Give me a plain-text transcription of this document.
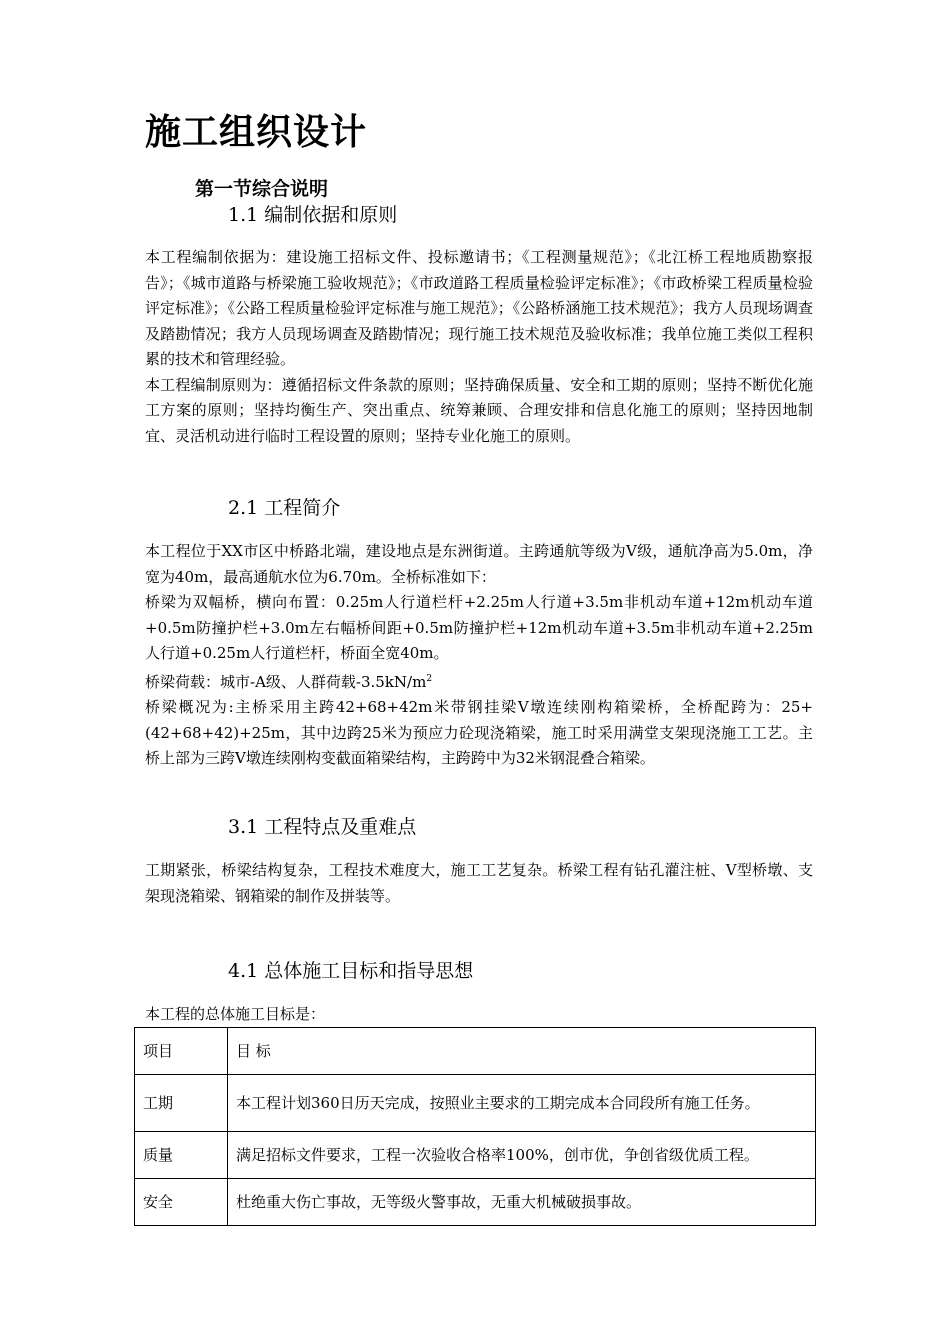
施工组织设计
第一节综合说明
1.1 编制依据和原则

本工程编制依据为：建设施工招标文件、投标邀请书；《工程测量规范》；《北江桥工程地质勘察报告》；《城市道路与桥梁施工验收规范》；《市政道路工程质量检验评定标准》；《市政桥梁工程质量检验评定标准》；《公路工程质量检验评定标准与施工规范》；《公路桥涵施工技术规范》；我方人员现场调查及踏勘情况；我方人员现场调查及踏勘情况；现行施工技术规范及验收标准；我单位施工类似工程积累的技术和管理经验。

本工程编制原则为：遵循招标文件条款的原则；坚持确保质量、安全和工期的原则；坚持不断优化施工方案的原则；坚持均衡生产、突出重点、统筹兼顾、合理安排和信息化施工的原则；坚持因地制宜、灵活机动进行临时工程设置的原则；坚持专业化施工的原则。

2.1 工程简介

本工程位于XX市区中桥路北端，建设地点是东洲街道。主跨通航等级为V级，通航净高为5.0m，净宽为40m，最高通航水位为6.70m。全桥标准如下：

桥梁为双幅桥，横向布置：0.25m人行道栏杆+2.25m人行道+3.5m非机动车道+12m机动车道+0.5m防撞护栏+3.0m左右幅桥间距+0.5m防撞护栏+12m机动车道+3.5m非机动车道+2.25m人行道+0.25m人行道栏杆，桥面全宽40m。

桥梁荷载：城市-A级、人群荷载$-3.5kN/m^2$

桥梁概况为:主桥采用主跨42+68+42m米带钢挂梁V墩连续刚构箱梁桥，全桥配跨为：25+(42+68+42)+25m，其中边跨25米为预应力砼现浇箱梁，施工时采用满堂支架现浇施工工艺。主桥上部为三跨V墩连续刚构变截面箱梁结构，主跨跨中为32米钢混叠合箱梁。

3.1 工程特点及重难点

工期紧张，桥梁结构复杂，工程技术难度大，施工工艺复杂。桥梁工程有钻孔灌注桩、V型桥墩、支架现浇箱梁、钢箱梁的制作及拼装等。

4.1 总体施工目标和指导思想

本工程的总体施工目标是：

项目	目 标
工期	本工程计划360日历天完成，按照业主要求的工期完成本合同段所有施工任务。
质量	满足招标文件要求，工程一次验收合格率100%，创市优，争创省级优质工程。
安全	杜绝重大伤亡事故，无等级火警事故，无重大机械破损事故。
